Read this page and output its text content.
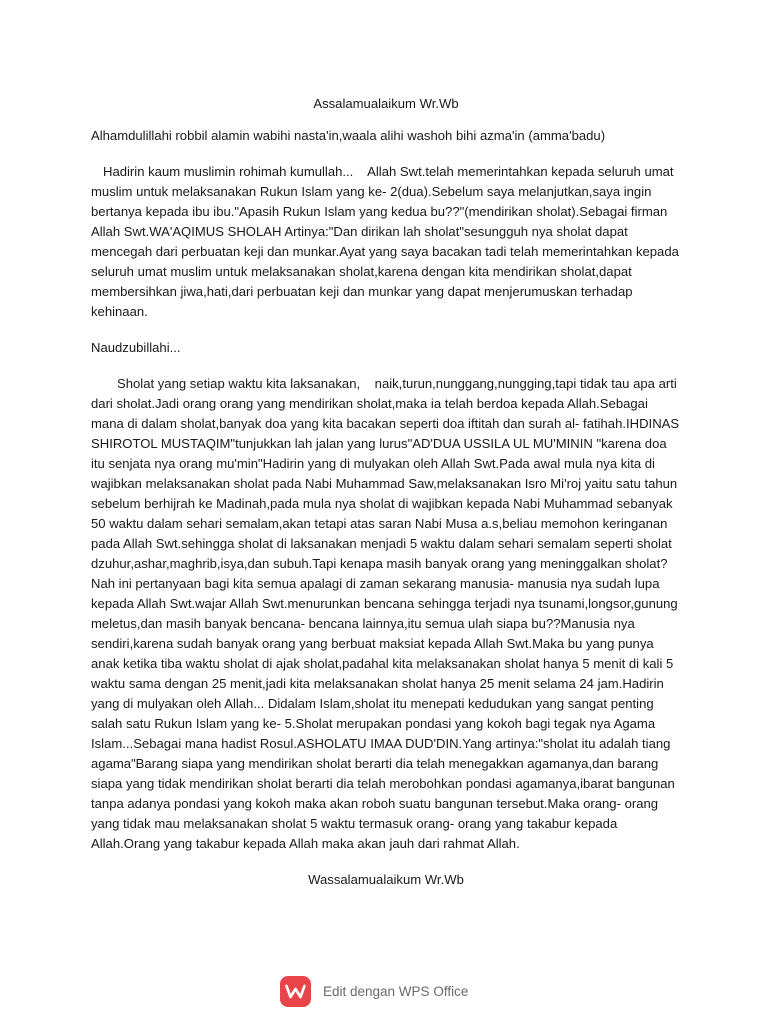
Assalamualaikum Wr.Wb

Alhamdulillahi robbil alamin wabihi nasta'in,waala alihi washoh bihi azma'in (amma'badu)

Hadirin kaum muslimin rohimah kumullah...    Allah Swt.telah memerintahkan kepada seluruh umat muslim untuk melaksanakan Rukun Islam yang ke- 2(dua).Sebelum saya melanjutkan,saya ingin bertanya kepada ibu ibu."Apasih Rukun Islam yang kedua bu??"(mendirikan sholat).Sebagai firman Allah Swt.WA'AQIMUS SHOLAH Artinya:"Dan dirikan lah sholat"sesungguh nya sholat dapat mencegah dari perbuatan keji dan munkar.Ayat yang saya bacakan tadi telah memerintahkan kepada seluruh umat muslim untuk melaksanakan sholat,karena dengan kita mendirikan sholat,dapat membersihkan jiwa,hati,dari perbuatan keji dan munkar yang dapat menjerumuskan terhadap kehinaan.

Naudzubillahi...

Sholat yang setiap waktu kita laksanakan,    naik,turun,nunggang,nungging,tapi tidak tau apa arti dari sholat.Jadi orang orang yang mendirikan sholat,maka ia telah berdoa kepada Allah.Sebagai mana di dalam sholat,banyak doa yang kita bacakan seperti doa iftitah dan surah al- fatihah.IHDINAS SHIROTOL MUSTAQIM"tunjukkan lah jalan yang lurus"AD'DUA USSILA UL MU'MININ "karena doa itu senjata nya orang mu'min"Hadirin yang di mulyakan oleh Allah Swt.Pada awal mula nya kita di wajibkan melaksanakan sholat pada Nabi Muhammad Saw,melaksanakan Isro Mi'roj yaitu satu tahun sebelum berhijrah ke Madinah,pada mula nya sholat di wajibkan kepada Nabi Muhammad sebanyak 50 waktu dalam sehari semalam,akan tetapi atas saran Nabi Musa a.s,beliau memohon keringanan pada Allah Swt.sehingga sholat di laksanakan menjadi 5 waktu dalam sehari semalam seperti sholat dzuhur,ashar,maghrib,isya,dan subuh.Tapi kenapa masih banyak orang yang meninggalkan sholat?Nah ini pertanyaan bagi kita semua apalagi di zaman sekarang manusia- manusia nya sudah lupa kepada Allah Swt.wajar Allah Swt.menurunkan bencana sehingga terjadi nya tsunami,longsor,gunung meletus,dan masih banyak bencana- bencana lainnya,itu semua ulah siapa bu??Manusia nya sendiri,karena sudah banyak orang yang berbuat maksiat kepada Allah Swt.Maka bu yang punya anak ketika tiba waktu sholat di ajak sholat,padahal kita melaksanakan sholat hanya 5 menit di kali 5 waktu sama dengan 25 menit,jadi kita melaksanakan sholat hanya 25 menit selama 24 jam.Hadirin yang di mulyakan oleh Allah... Didalam Islam,sholat itu menepati kedudukan yang sangat penting salah satu Rukun Islam yang ke- 5.Sholat merupakan pondasi yang kokoh bagi tegak nya Agama Islam...Sebagai mana hadist Rosul.ASHOLATU IMAA DUD'DIN.Yang artinya:"sholat itu adalah tiang agama"Barang siapa yang mendirikan sholat berarti dia telah menegakkan agamanya,dan barang siapa yang tidak mendirikan sholat berarti dia telah merobohkan pondasi agamanya,ibarat bangunan tanpa adanya pondasi yang kokoh maka akan roboh suatu bangunan tersebut.Maka orang- orang yang tidak mau melaksanakan sholat 5 waktu termasuk orang- orang yang takabur kepada Allah.Orang yang takabur kepada Allah maka akan jauh dari rahmat Allah.

Wassalamualaikum Wr.Wb

Edit dengan WPS Office
